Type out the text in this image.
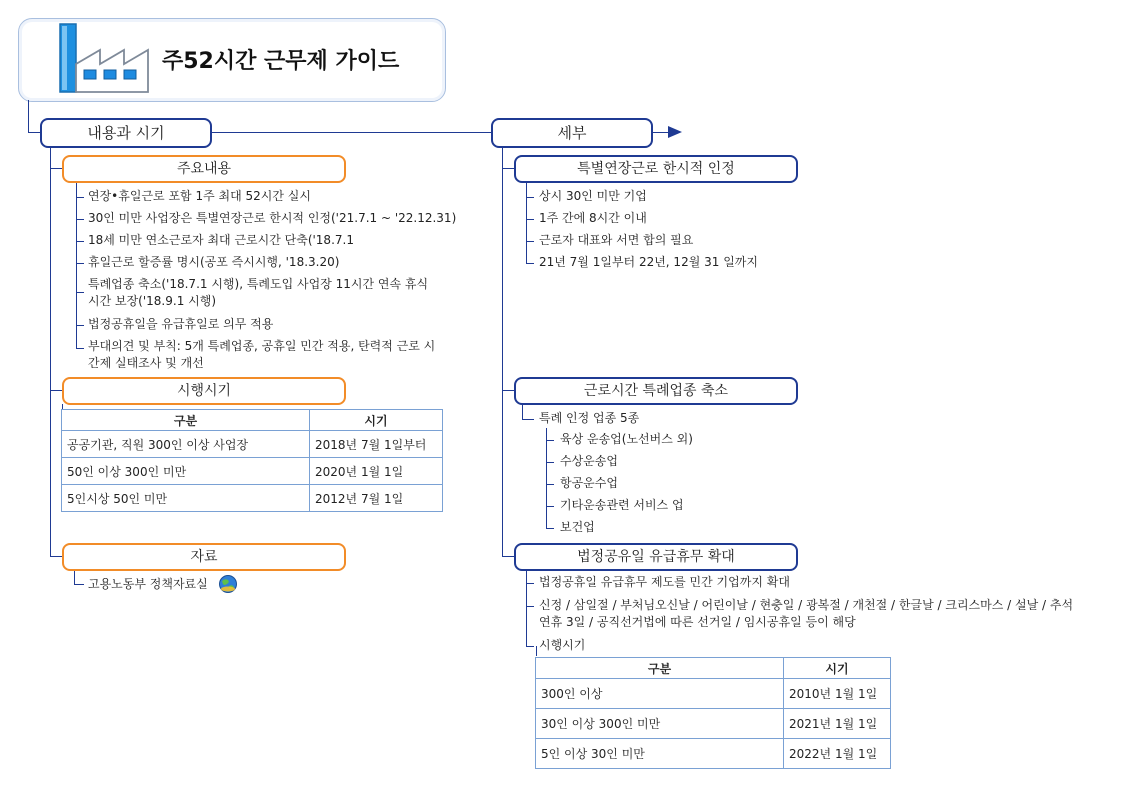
주52시간 근무제 가이드
내용과 시기	세부
주요내용
연장•휴일근로 포함 1주 최대 52시간 실시
30인 미만 사업장은 특별연장근로 한시적 인정('21.7.1 ~ '22.12.31)
18세 미만 연소근로자 최대 근로시간 단축('18.7.1
휴일근로 할증률 명시(공포 즉시시행, '18.3.20)
특례업종 축소('18.7.1 시행), 특례도입 사업장 11시간 연속 휴식 시간 보장('18.9.1 시행)
법정공휴일을 유급휴일로 의무 적용
부대의견 및 부칙: 5개 특례업종, 공휴일 민간 적용, 탄력적 근로 시간제 실태조사 및 개선
시행시기
구분	시기
공공기관, 직원 300인 이상 사업장	2018년 7월 1일부터
50인 이상 300인 미만	2020년 1월 1일
5인시상 50인 미만	2012년 7월 1일
자료
고용노동부 정책자료실
특별연장근로 한시적 인정
상시 30인 미만 기업
1주 간에 8시간 이내
근로자 대표와 서면 합의 필요
21년 7월 1일부터 22년, 12월 31 일까지
근로시간 특례업종 축소
특례 인정 업종 5종
육상 운송업(노선버스 외)
수상운송업
항공운수업
기타운송관련 서비스 업
보건업
법정공유일 유급휴무 확대
법정공휴일 유급휴무 제도를 민간 기업까지 확대
신정 / 삼일절 / 부처님오신날 / 어린이날 / 현충일 / 광복절 / 개천절 / 한글날 / 크리스마스 / 설날 / 추석 연휴 3일 / 공직선거법에 따른 선거일 / 임시공휴일 등이 해당
시행시기
구분	시기
300인 이상	2010년 1월 1일
30인 이상 300인 미만	2021년 1월 1일
5인 이상 30인 미만	2022년 1월 1일
